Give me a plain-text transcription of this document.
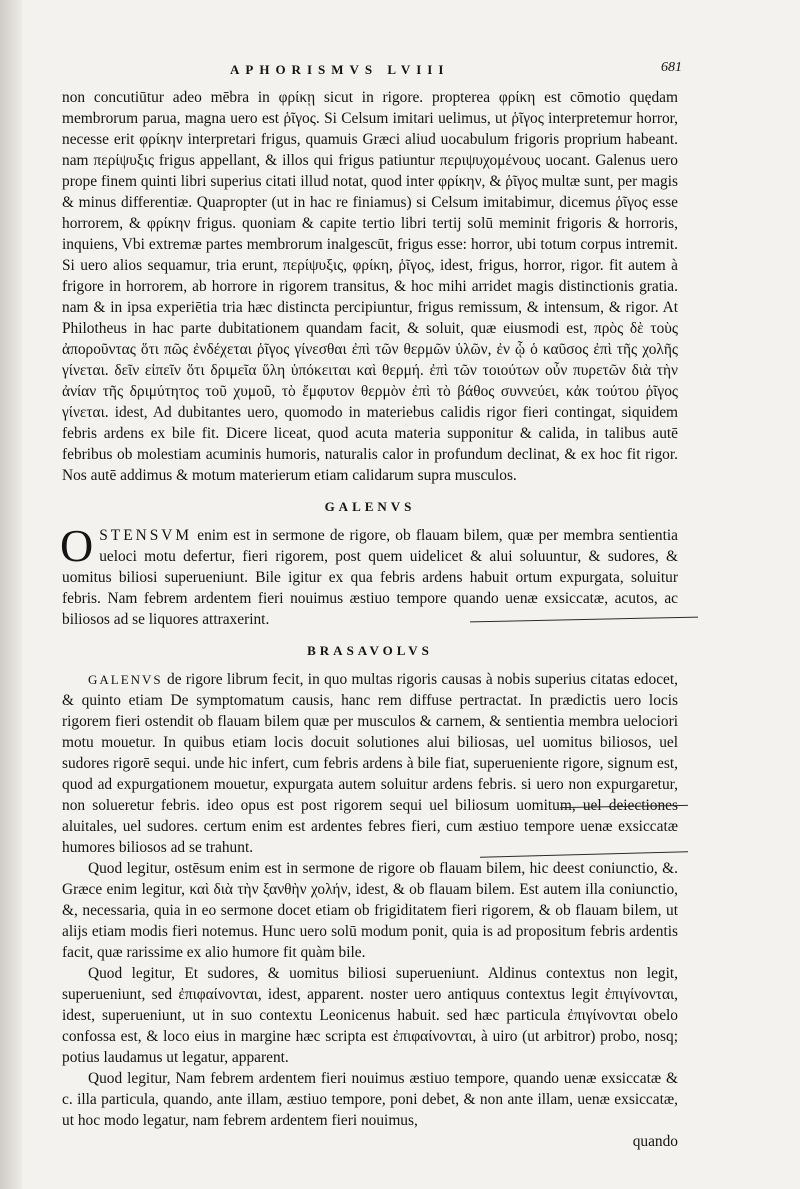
APHORISMVS LVIII	681

non concutiūtur adeo mēbra in φρίκῃ sicut in rigore. propterea φρίκη est cōmotio quędam membrorum parua, magna uero est ῥῖγος. Si Celsum imitari uelimus, ut ῥῖγος interpretemur horror, necesse erit φρίκην interpretari frigus, quamuis Græci aliud uocabulum frigoris proprium habeant. nam περίψυξις frigus appellant, & illos qui frigus patiuntur περιψυχομένους uocant. Galenus uero prope finem quinti libri superius citati illud notat, quod inter φρίκην, & ῥῖγος multæ sunt, per magis & minus differentiæ. Quapropter (ut in hac re finiamus) si Celsum imitabimur, dicemus ῥῖγος esse horrorem, & φρίκην frigus. quoniam & capite tertio libri tertij solū meminit frigoris & horroris, inquiens, Vbi extremæ partes membrorum inalgescūt, frigus esse: horror, ubi totum corpus intremit. Si uero alios sequamur, tria erunt, περίψυξις, φρίκη, ῥῖγος, idest, frigus, horror, rigor. fit autem à frigore in horrorem, ab horrore in rigorem transitus, & hoc mihi arridet magis distinctionis gratia. nam & in ipsa experiētia tria hæc distincta percipiuntur, frigus remissum, & intensum, & rigor. At Philotheus in hac parte dubitationem quandam facit, & soluit, quæ eiusmodi est, πρὸς δὲ τοὺς ἀπορoῦντας ὅτι πῶς ἐνδέχεται ῥῖγος γίνεσθαι ἐπὶ τῶν θερμῶν ὑλῶν, ἐν ᾧ ὁ καῦσος ἐπὶ τῆς χολῆς γίνεται. δεῖν εἰπεῖν ὅτι δριμεῖα ὕλη ὑπόκειται καὶ θερμή. ἐπὶ τῶν τοιούτων οὖν πυρετῶν διὰ τὴν ἀνίαν τῆς δριμύτητος τοῦ χυμοῦ, τὸ ἔμφυτον θερμὸν ἐπὶ τὸ βάθος συννεύει, κἀκ τούτου ῥῖγος γίνεται. idest, Ad dubitantes uero, quomodo in materiebus calidis rigor fieri contingat, siquidem febris ardens ex bile fit. Dicere liceat, quod acuta materia supponitur & calida, in talibus autē febribus ob molestiam acuminis humoris, naturalis calor in profundum declinat, & ex hoc fit rigor. Nos autē addimus & motum materierum etiam calidarum supra musculos.

GALENVS

OSTENSVM enim est in sermone de rigore, ob flauam bilem, quæ per membra sentientia ueloci motu defertur, fieri rigorem, post quem uidelicet & alui soluuntur, & sudores, & uomitus biliosi superueniunt. Bile igitur ex qua febris ardens habuit ortum expurgata, soluitur febris. Nam febrem ardentem fieri nouimus æstiuo tempore quando uenæ exsiccatæ, acutos, ac biliosos ad se liquores attraxerint.

BRASAVOLVS

GALENVS de rigore librum fecit, in quo multas rigoris causas à nobis superius citatas edocet, & quinto etiam De symptomatum causis, hanc rem diffuse pertractat. In prædictis uero locis rigorem fieri ostendit ob flauam bilem quæ per musculos & carnem, & sentientia membra uelociori motu mouetur. In quibus etiam locis docuit solutiones alui biliosas, uel uomitus biliosos, uel sudores rigorē sequi. unde hic infert, cum febris ardens à bile fiat, superueniente rigore, signum est, quod ad expurgationem mouetur, expurgata autem soluitur ardens febris. si uero non expurgaretur, non solueretur febris. ideo opus est post rigorem sequi uel biliosum uomitum, uel deiectiones aluitales, uel sudores. certum enim est ardentes febres fieri, cum æstiuo tempore uenæ exsiccatæ humores biliosos ad se trahunt.

Quod legitur, ostēsum enim est in sermone de rigore ob flauam bilem, hic deest coniunctio, &. Græce enim legitur, καὶ διὰ τὴν ξανθὴν χολήν, idest, & ob flauam bilem. Est autem illa coniunctio, &, necessaria, quia in eo sermone docet etiam ob frigiditatem fieri rigorem, & ob flauam bilem, ut alijs etiam modis fieri notemus. Hunc uero solū modum ponit, quia is ad propositum febris ardentis facit, quæ rarissime ex alio humore fit quàm bile.

Quod legitur, Et sudores, & uomitus biliosi superueniunt. Aldinus contextus non legit, superueniunt, sed ἐπιφαίνονται, idest, apparent. noster uero antiquus contextus legit ἐπιγίνονται, idest, superueniunt, ut in suo contextu Leonicenus habuit. sed hæc particula ἐπιγίνονται obelo confossa est, & loco eius in margine hæc scripta est ἐπιφαίνονται, à uiro (ut arbitror) probo, nosq; potius laudamus ut legatur, apparent.

Quod legitur, Nam febrem ardentem fieri nouimus æstiuo tempore, quando uenæ exsiccatæ & c. illa particula, quando, ante illam, æstiuo tempore, poni debet, & non ante illam, uenæ exsiccatæ, ut hoc modo legatur, nam febrem ardentem fieri nouimus,

quando
